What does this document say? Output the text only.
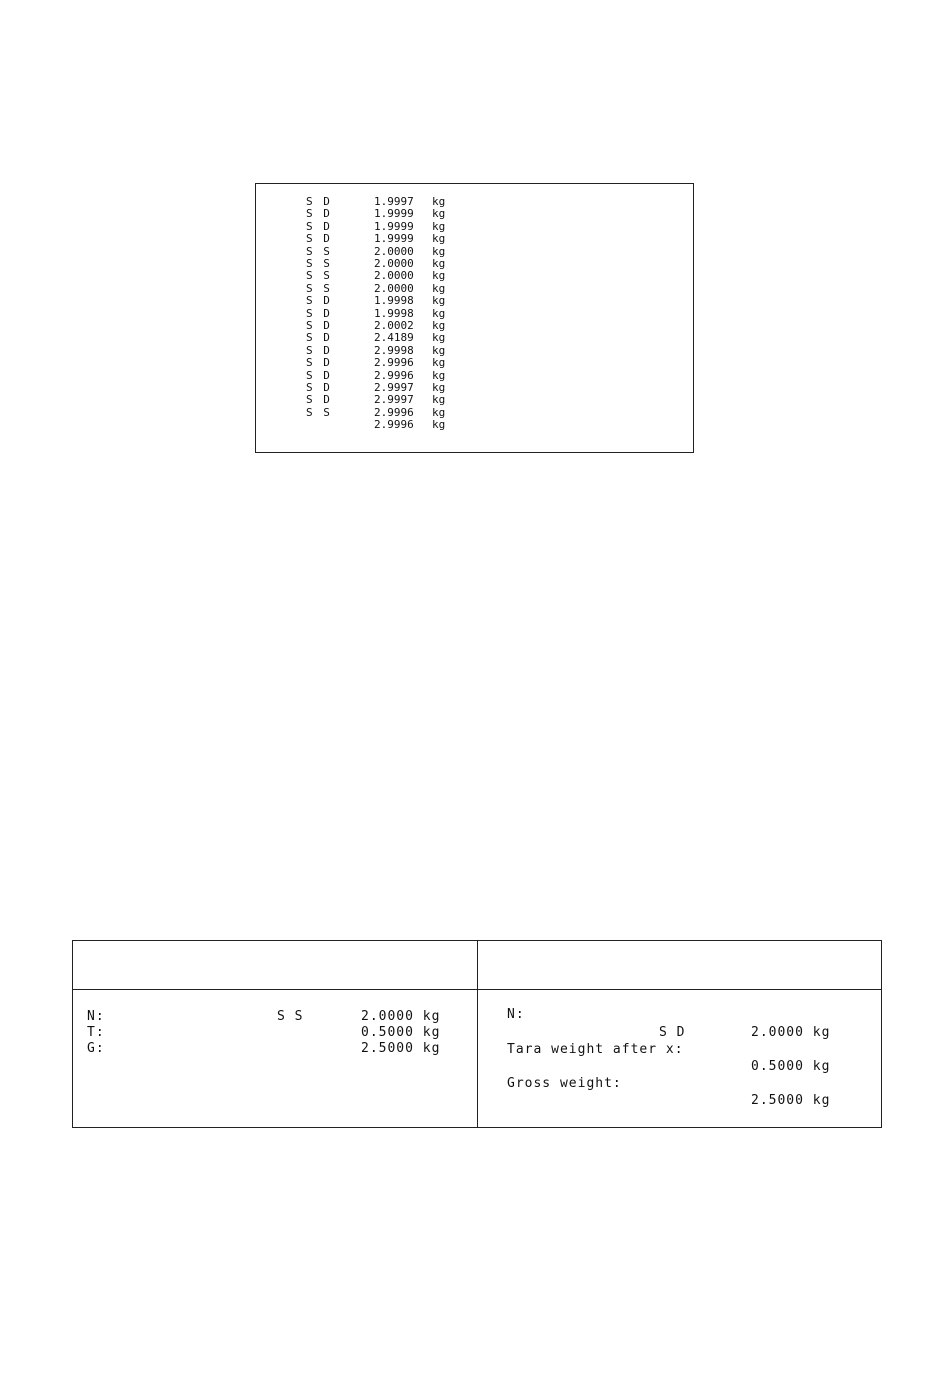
S D	1.9997 kg
S D	1.9999 kg
S D	1.9999 kg
S D	1.9999 kg
S S	2.0000 kg
S S	2.0000 kg
S S	2.0000 kg
S S	2.0000 kg
S D	1.9998 kg
S D	1.9998 kg
S D	2.0002 kg
S D	2.4189 kg
S D	2.9998 kg
S D	2.9996 kg
S D	2.9996 kg
S D	2.9997 kg
S D	2.9997 kg
S S	2.9996 kg
2.9996 kg
N:	S S	2.0000 kg
T:	0.5000 kg
G:	2.5000 kg
N:
S D	2.0000 kg
Tara weight after x:
0.5000 kg
Gross weight:
2.5000 kg
